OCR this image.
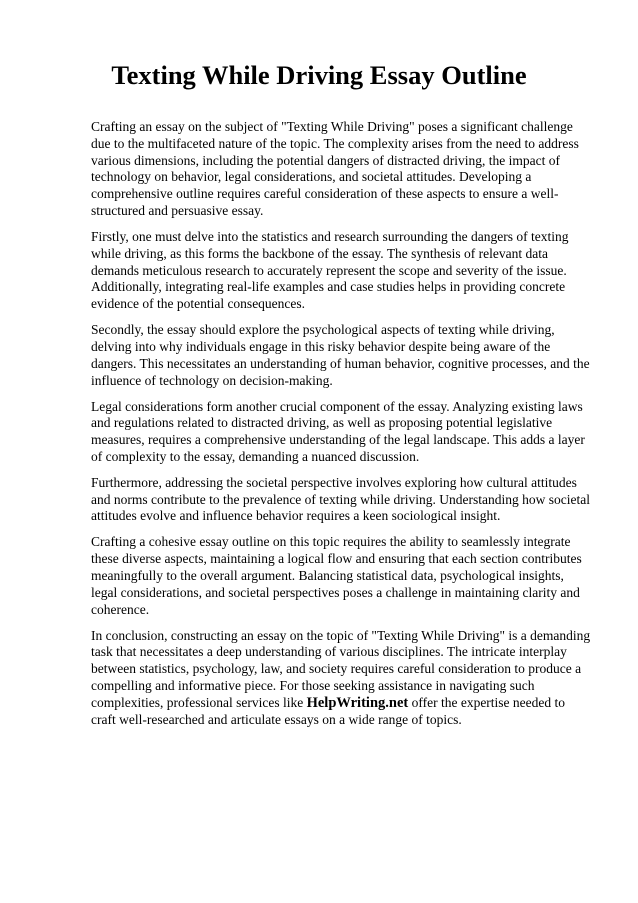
Texting While Driving Essay Outline

Crafting an essay on the subject of "Texting While Driving" poses a significant challenge due to the multifaceted nature of the topic. The complexity arises from the need to address various dimensions, including the potential dangers of distracted driving, the impact of technology on behavior, legal considerations, and societal attitudes. Developing a comprehensive outline requires careful consideration of these aspects to ensure a well-structured and persuasive essay.

Firstly, one must delve into the statistics and research surrounding the dangers of texting while driving, as this forms the backbone of the essay. The synthesis of relevant data demands meticulous research to accurately represent the scope and severity of the issue. Additionally, integrating real-life examples and case studies helps in providing concrete evidence of the potential consequences.

Secondly, the essay should explore the psychological aspects of texting while driving, delving into why individuals engage in this risky behavior despite being aware of the dangers. This necessitates an understanding of human behavior, cognitive processes, and the influence of technology on decision-making.

Legal considerations form another crucial component of the essay. Analyzing existing laws and regulations related to distracted driving, as well as proposing potential legislative measures, requires a comprehensive understanding of the legal landscape. This adds a layer of complexity to the essay, demanding a nuanced discussion.

Furthermore, addressing the societal perspective involves exploring how cultural attitudes and norms contribute to the prevalence of texting while driving. Understanding how societal attitudes evolve and influence behavior requires a keen sociological insight.

Crafting a cohesive essay outline on this topic requires the ability to seamlessly integrate these diverse aspects, maintaining a logical flow and ensuring that each section contributes meaningfully to the overall argument. Balancing statistical data, psychological insights, legal considerations, and societal perspectives poses a challenge in maintaining clarity and coherence.

In conclusion, constructing an essay on the topic of "Texting While Driving" is a demanding task that necessitates a deep understanding of various disciplines. The intricate interplay between statistics, psychology, law, and society requires careful consideration to produce a compelling and informative piece. For those seeking assistance in navigating such complexities, professional services like HelpWriting.net offer the expertise needed to craft well-researched and articulate essays on a wide range of topics.
